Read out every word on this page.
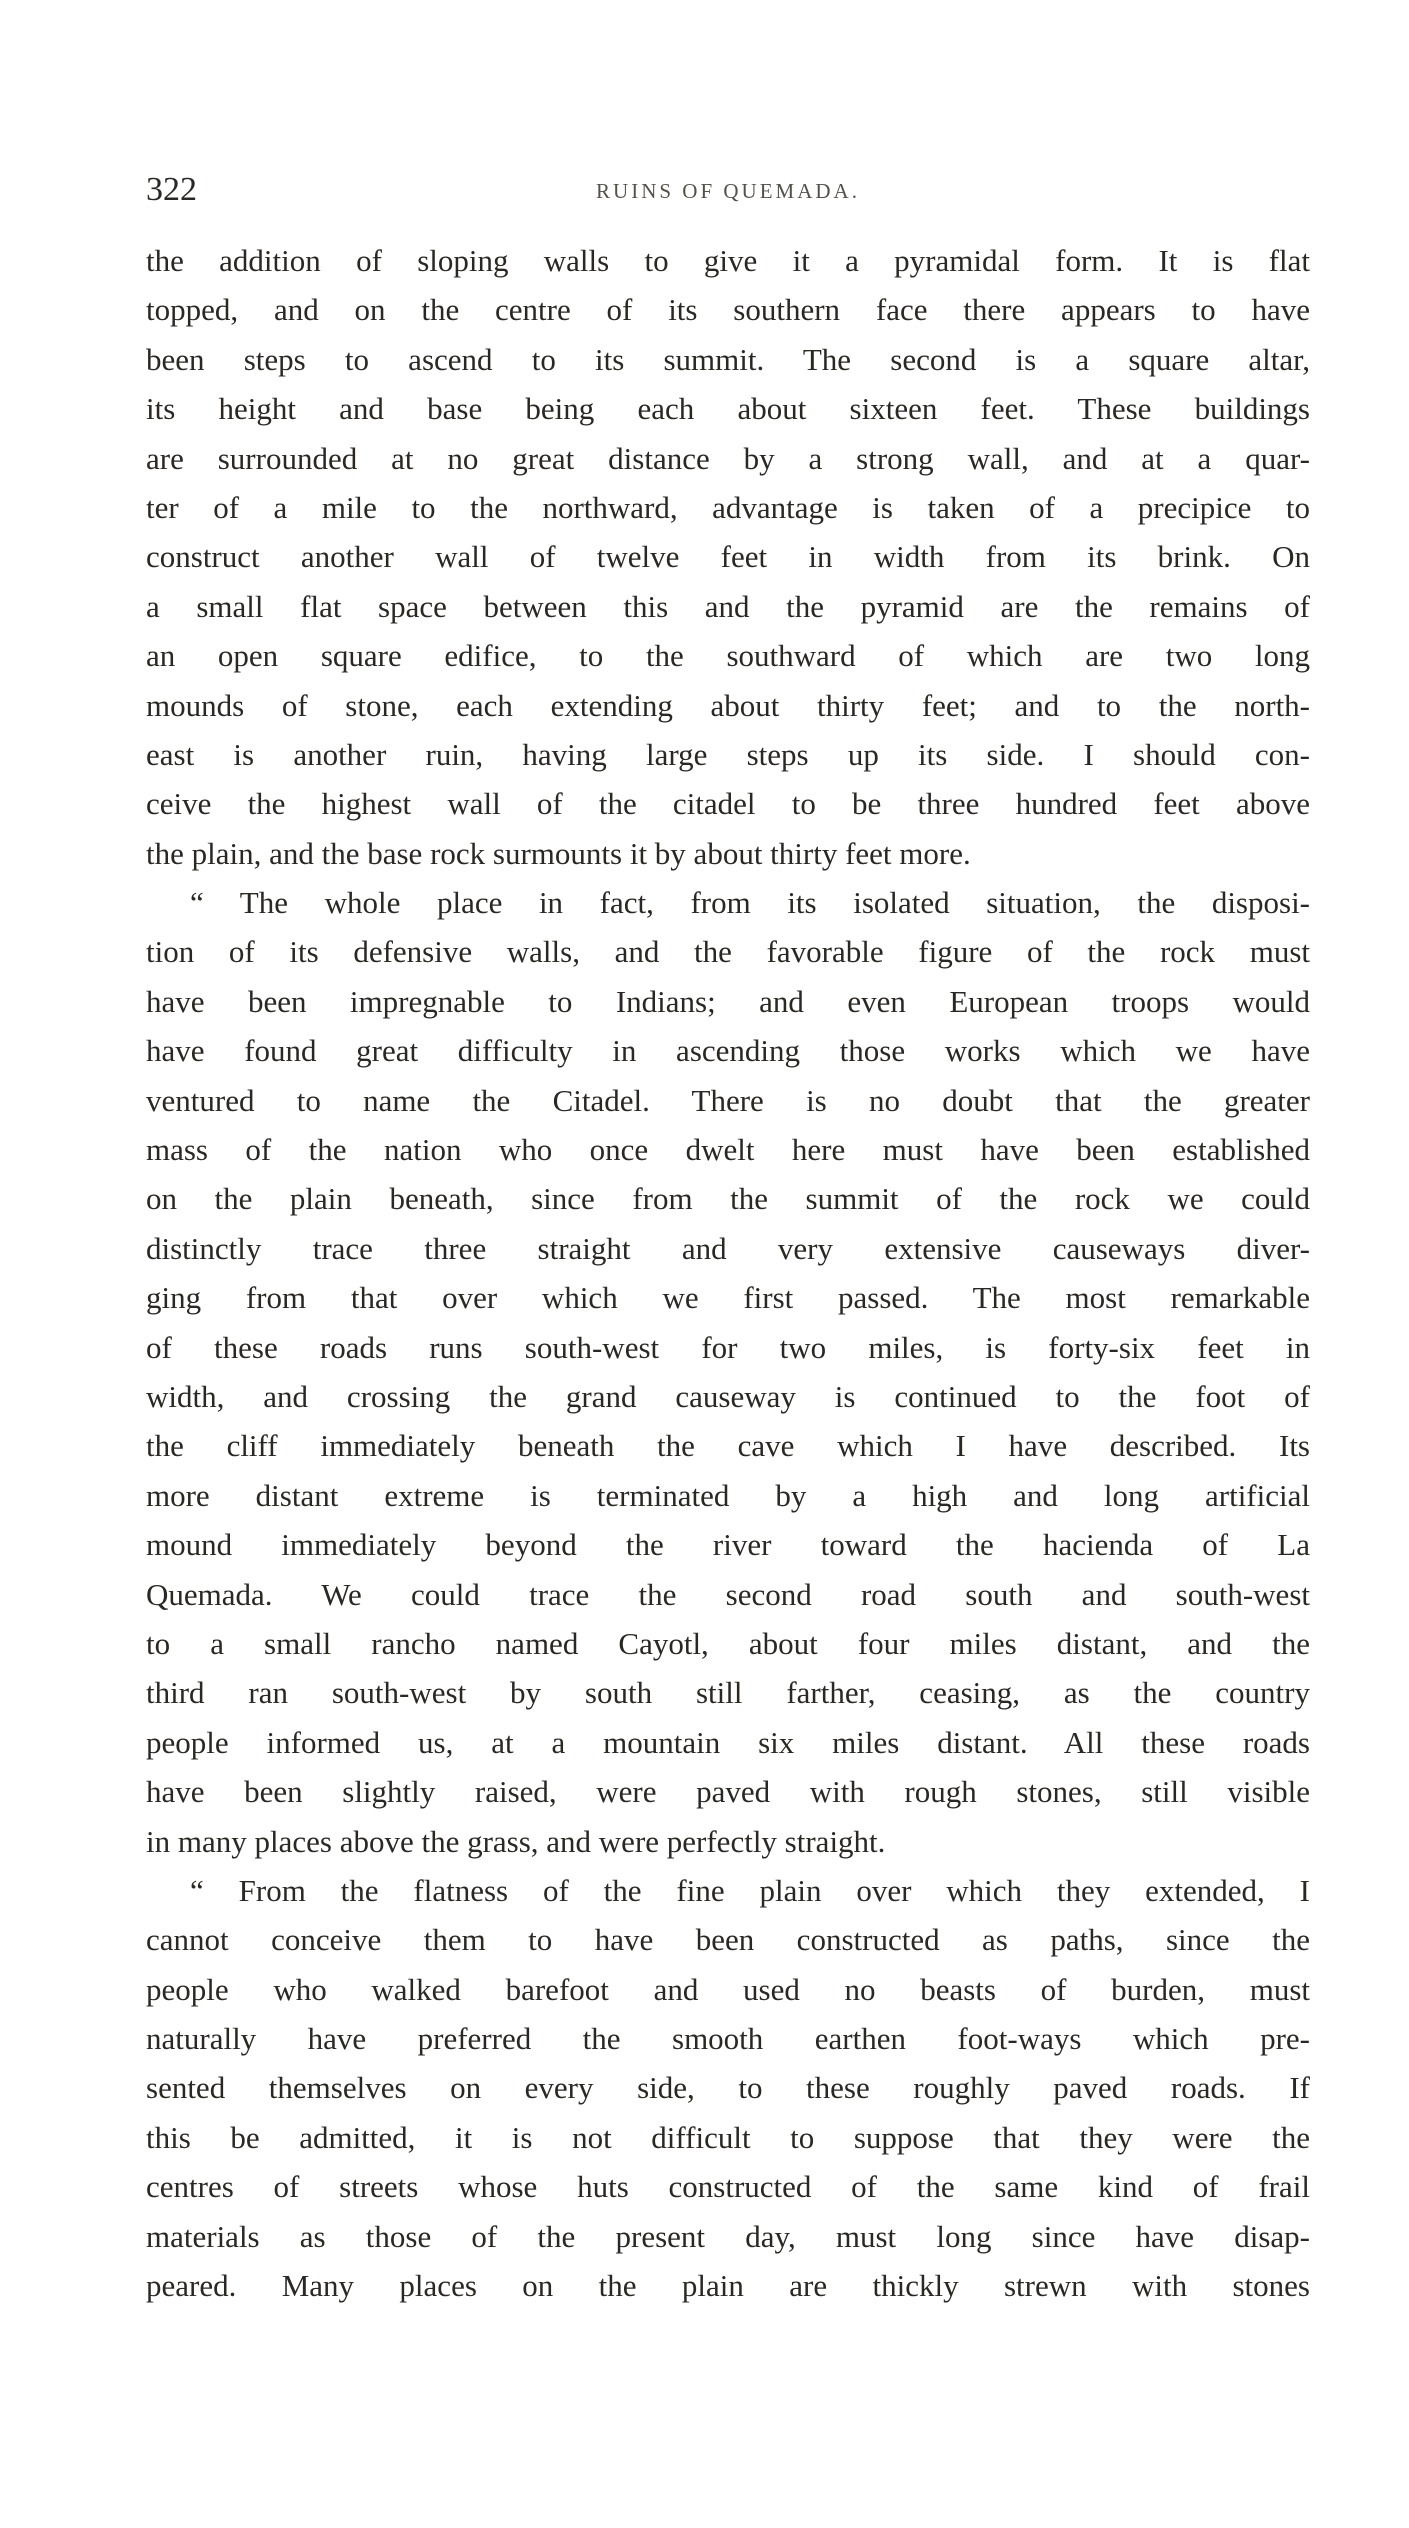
322	RUINS OF QUEMADA.
the addition of sloping walls to give it a pyramidal form. It is flat
topped, and on the centre of its southern face there appears to have
been steps to ascend to its summit. The second is a square altar,
its height and base being each about sixteen feet. These buildings
are surrounded at no great distance by a strong wall, and at a quar-
ter of a mile to the northward, advantage is taken of a precipice to
construct another wall of twelve feet in width from its brink. On
a small flat space between this and the pyramid are the remains of
an open square edifice, to the southward of which are two long
mounds of stone, each extending about thirty feet; and to the north-
east is another ruin, having large steps up its side. I should con-
ceive the highest wall of the citadel to be three hundred feet above
the plain, and the base rock surmounts it by about thirty feet more.
“ The whole place in fact, from its isolated situation, the disposi-
tion of its defensive walls, and the favorable figure of the rock must
have been impregnable to Indians; and even European troops would
have found great difficulty in ascending those works which we have
ventured to name the Citadel. There is no doubt that the greater
mass of the nation who once dwelt here must have been established
on the plain beneath, since from the summit of the rock we could
distinctly trace three straight and very extensive causeways diver-
ging from that over which we first passed. The most remarkable
of these roads runs south-west for two miles, is forty-six feet in
width, and crossing the grand causeway is continued to the foot of
the cliff immediately beneath the cave which I have described. Its
more distant extreme is terminated by a high and long artificial
mound immediately beyond the river toward the hacienda of La
Quemada. We could trace the second road south and south-west
to a small rancho named Cayotl, about four miles distant, and the
third ran south-west by south still farther, ceasing, as the country
people informed us, at a mountain six miles distant. All these roads
have been slightly raised, were paved with rough stones, still visible
in many places above the grass, and were perfectly straight.
“ From the flatness of the fine plain over which they extended, I
cannot conceive them to have been constructed as paths, since the
people who walked barefoot and used no beasts of burden, must
naturally have preferred the smooth earthen foot-ways which pre-
sented themselves on every side, to these roughly paved roads. If
this be admitted, it is not difficult to suppose that they were the
centres of streets whose huts constructed of the same kind of frail
materials as those of the present day, must long since have disap-
peared. Many places on the plain are thickly strewn with stones
